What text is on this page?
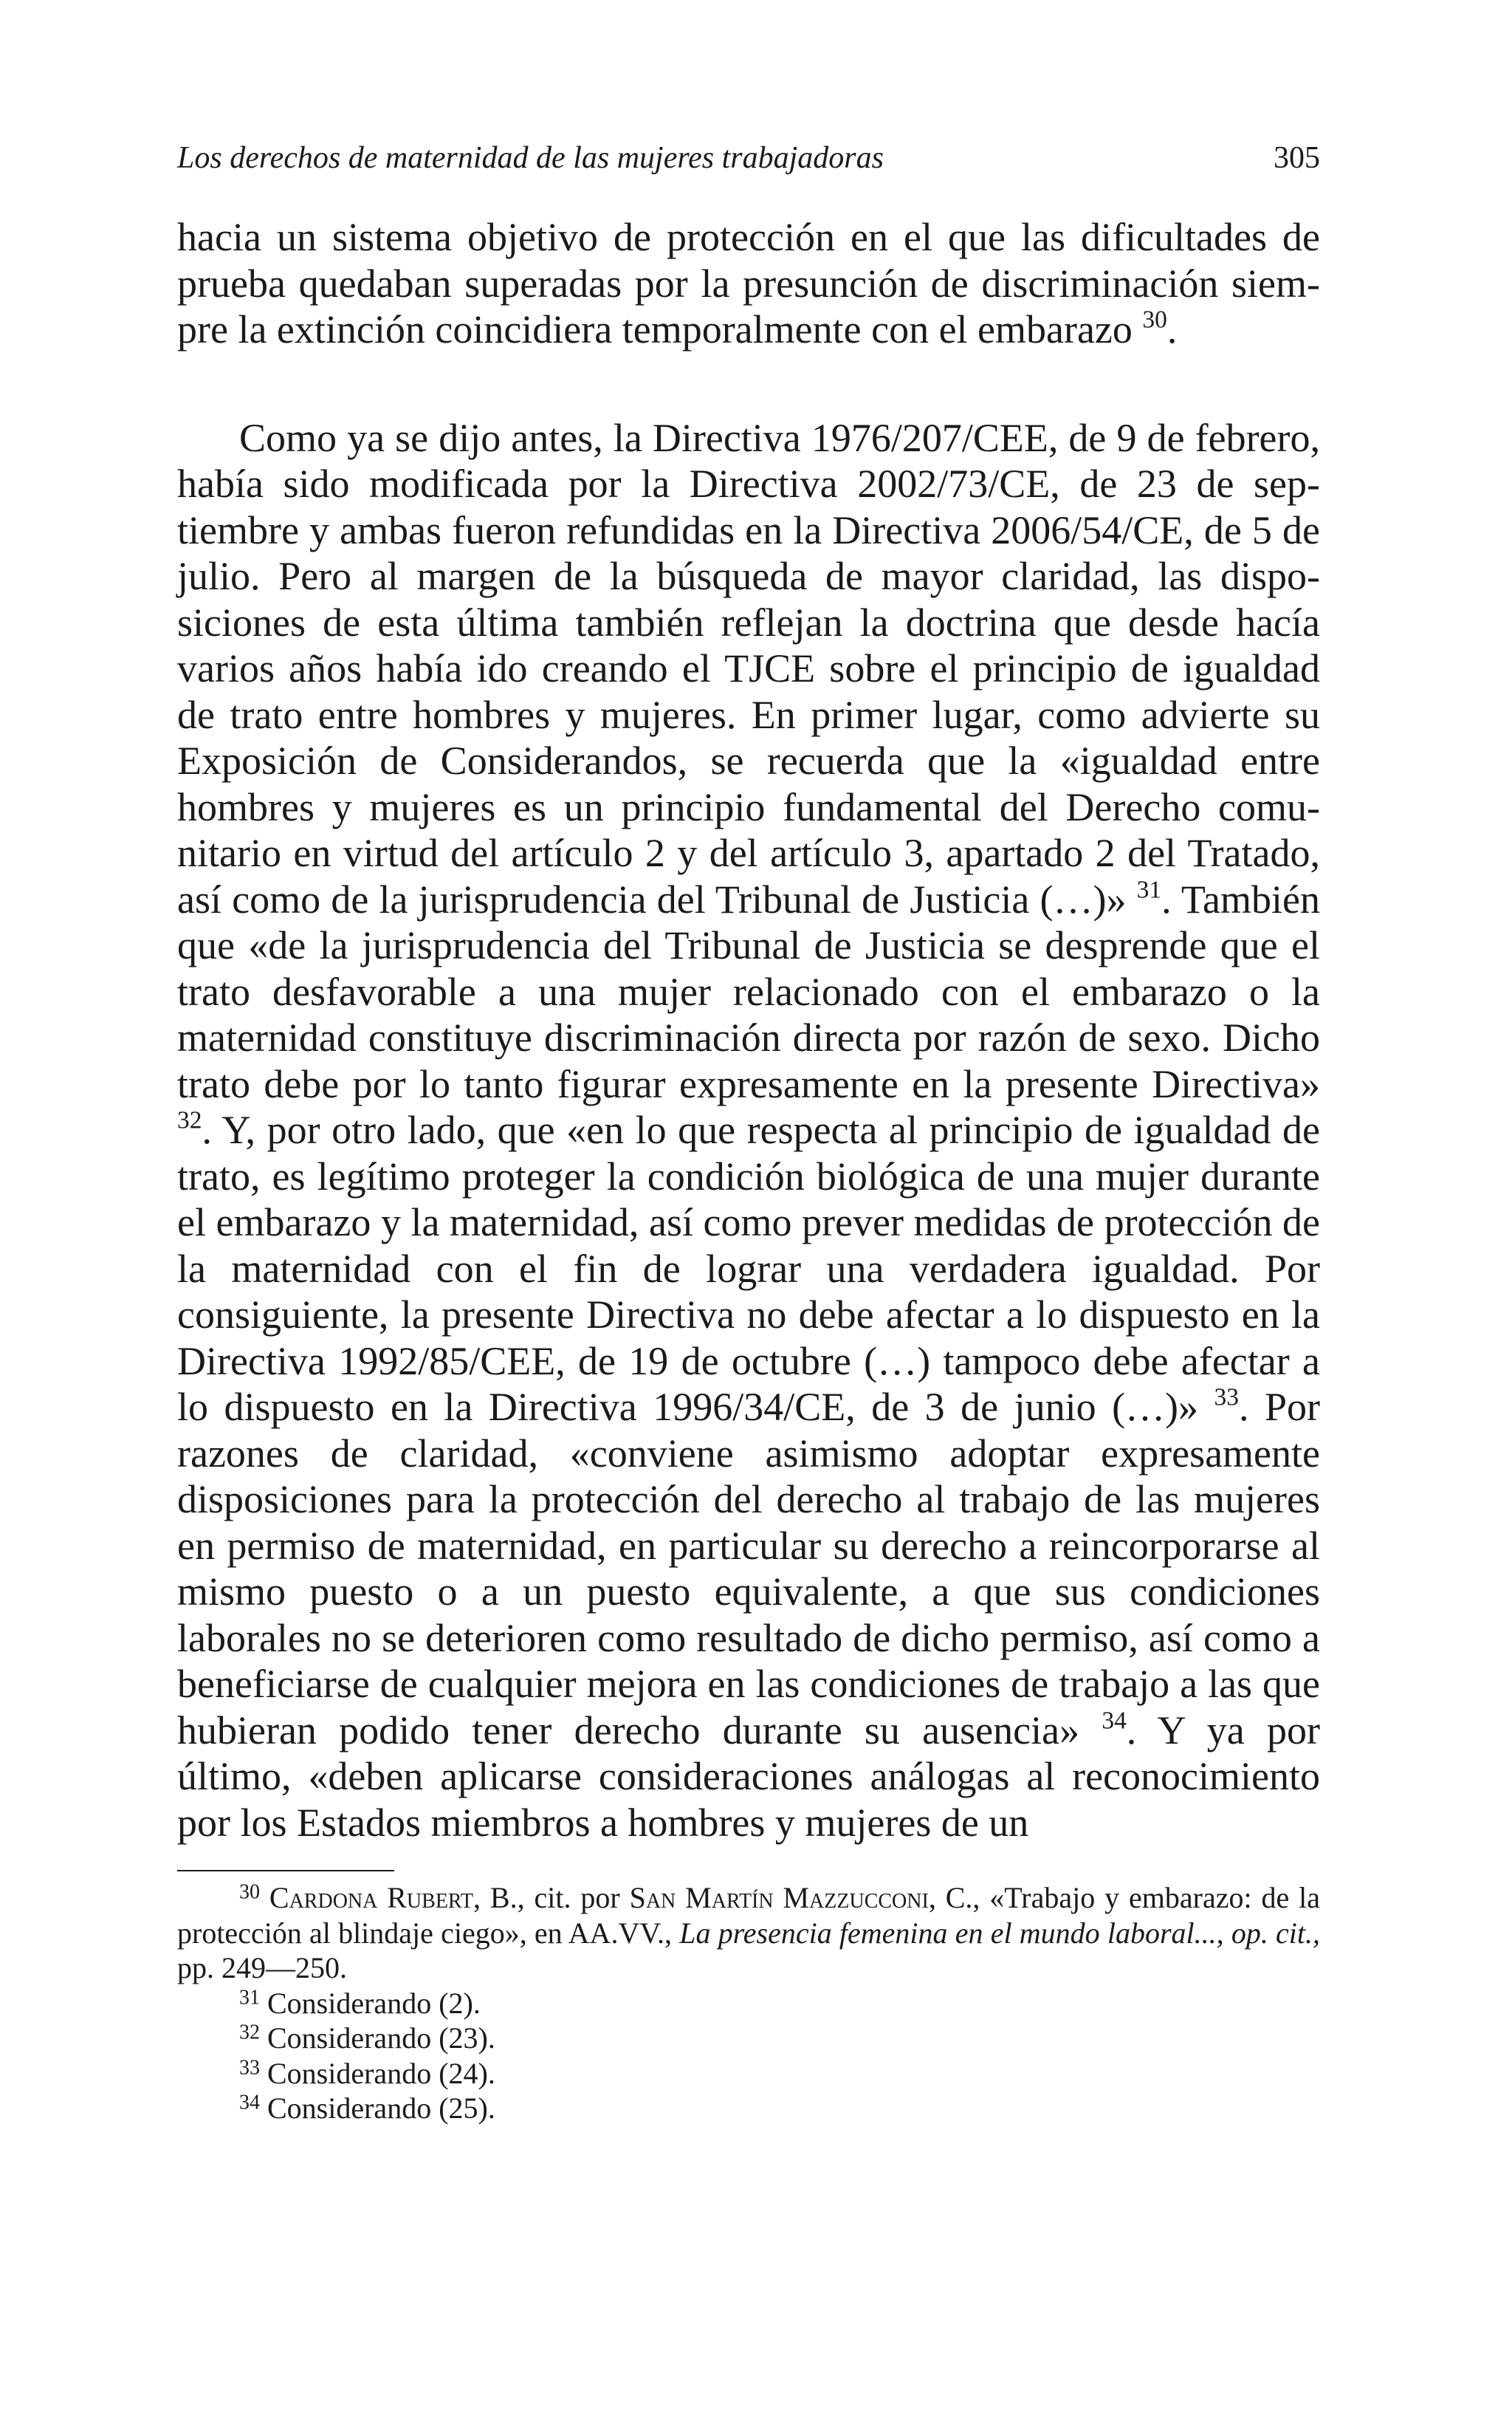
Los derechos de maternidad de las mujeres trabajadoras	305

hacia un sistema objetivo de protección en el que las dificultades de prueba quedaban superadas por la presunción de discriminación siempre la extinción coincidiera temporalmente con el embarazo $^{30}$.

Como ya se dijo antes, la Directiva 1976/207/CEE, de 9 de febrero, había sido modificada por la Directiva 2002/73/CE, de 23 de septiembre y ambas fueron refundidas en la Directiva 2006/54/CE, de 5 de julio. Pero al margen de la búsqueda de mayor claridad, las disposiciones de esta última también reflejan la doctrina que desde hacía varios años había ido creando el TJCE sobre el principio de igualdad de trato entre hombres y mujeres. En primer lugar, como advierte su Exposición de Considerandos, se recuerda que la «igualdad entre hombres y mujeres es un principio fundamental del Derecho comunitario en virtud del artículo 2 y del artículo 3, apartado 2 del Tratado, así como de la jurisprudencia del Tribunal de Justicia (…)» $^{31}$. También que «de la jurisprudencia del Tribunal de Justicia se desprende que el trato desfavorable a una mujer relacionado con el embarazo o la maternidad constituye discriminación directa por razón de sexo. Dicho trato debe por lo tanto figurar expresamente en la presente Directiva» $^{32}$. Y, por otro lado, que «en lo que respecta al principio de igualdad de trato, es legítimo proteger la condición biológica de una mujer durante el embarazo y la maternidad, así como prever medidas de protección de la maternidad con el fin de lograr una verdadera igualdad. Por consiguiente, la presente Directiva no debe afectar a lo dispuesto en la Directiva 1992/85/CEE, de 19 de octubre (…) tampoco debe afectar a lo dispuesto en la Directiva 1996/34/CE, de 3 de junio (…)» $^{33}$. Por razones de claridad, «conviene asimismo adoptar expresamente disposiciones para la protección del derecho al trabajo de las mujeres en permiso de maternidad, en particular su derecho a reincorporarse al mismo puesto o a un puesto equivalente, a que sus condiciones laborales no se deterioren como resultado de dicho permiso, así como a beneficiarse de cualquier mejora en las condiciones de trabajo a las que hubieran podido tener derecho durante su ausencia» $^{34}$. Y ya por último, «deben aplicarse consideraciones análogas al reconocimiento por los Estados miembros a hombres y mujeres de un

$^{30}$ Cardona Rubert, B., cit. por San Martín Mazzucconi, C., «Trabajo y embarazo: de la protección al blindaje ciego», en AA.VV., La presencia femenina en el mundo laboral..., op. cit., pp. 249—250.

$^{31}$ Considerando (2).

$^{32}$ Considerando (23).

$^{33}$ Considerando (24).

$^{34}$ Considerando (25).
